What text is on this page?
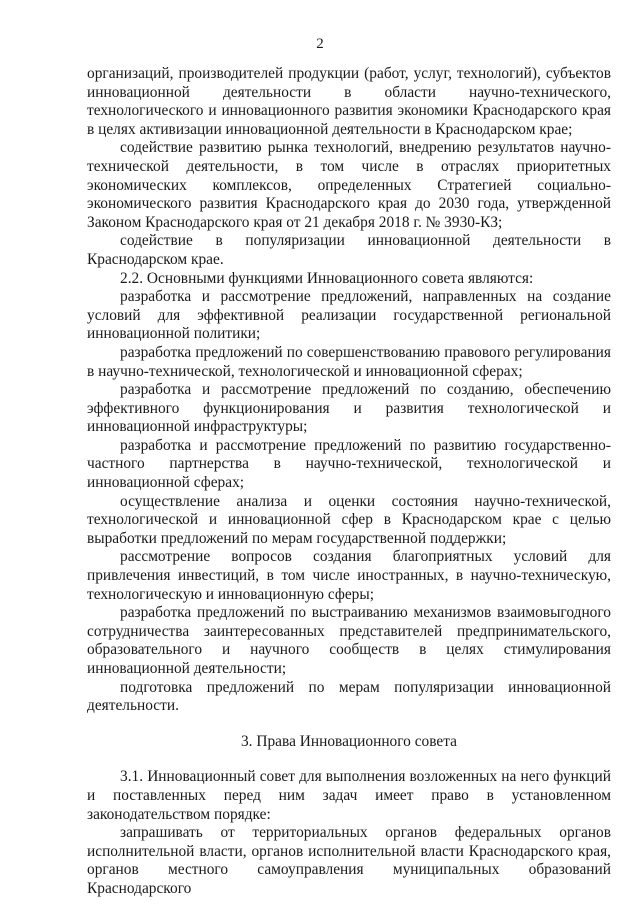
2

организаций, производителей продукции (работ, услуг, технологий), субъектов инновационной деятельности в области научно-технического, технологического и инновационного развития экономики Краснодарского края в целях активизации инновационной деятельности в Краснодарском крае;

содействие развитию рынка технологий, внедрению результатов научно-технической деятельности, в том числе в отраслях приоритетных экономических комплексов, определенных Стратегией социально-экономического развития Краснодарского края до 2030 года, утвержденной Законом Краснодарского края от 21 декабря 2018 г. № 3930-КЗ;

содействие в популяризации инновационной деятельности в Краснодарском крае.

2.2. Основными функциями Инновационного совета являются:

разработка и рассмотрение предложений, направленных на создание условий для эффективной реализации государственной региональной инновационной политики;

разработка предложений по совершенствованию правового регулирования в научно-технической, технологической и инновационной сферах;

разработка и рассмотрение предложений по созданию, обеспечению эффективного функционирования и развития технологической и инновационной инфраструктуры;

разработка и рассмотрение предложений по развитию государственно-частного партнерства в научно-технической, технологической и инновационной сферах;

осуществление анализа и оценки состояния научно-технической, технологической и инновационной сфер в Краснодарском крае с целью выработки предложений по мерам государственной поддержки;

рассмотрение вопросов создания благоприятных условий для привлечения инвестиций, в том числе иностранных, в научно-техническую, технологическую и инновационную сферы;

разработка предложений по выстраиванию механизмов взаимовыгодного сотрудничества заинтересованных представителей предпринимательского, образовательного и научного сообществ в целях стимулирования инновационной деятельности;

подготовка предложений по мерам популяризации инновационной деятельности.

3. Права Инновационного совета

3.1. Инновационный совет для выполнения возложенных на него функций и поставленных перед ним задач имеет право в установленном законодательством порядке:

запрашивать от территориальных органов федеральных органов исполнительной власти, органов исполнительной власти Краснодарского края, органов местного самоуправления муниципальных образований Краснодарского
